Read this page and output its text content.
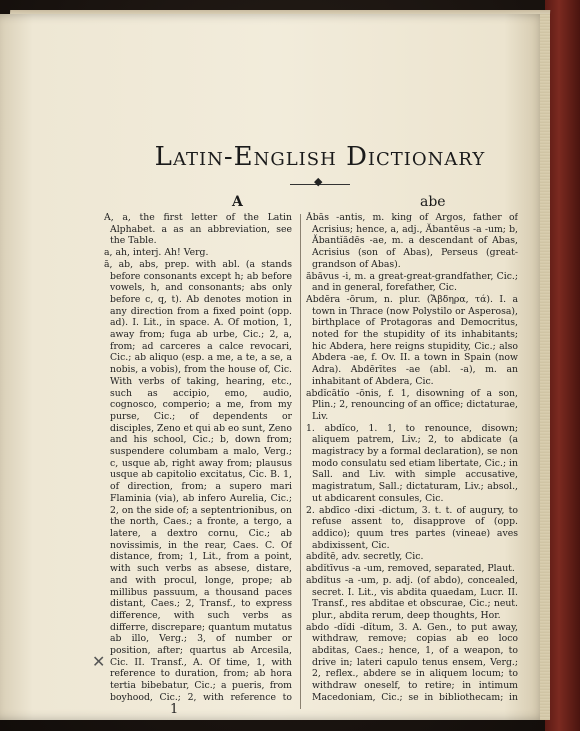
Latin-English Dictionary
◆
A	abe

A, a, the first letter of the Latin Alphabet. a as an abbreviation, see the Table.

a, ah, interj. Ah! Verg.

ā, ab, abs, prep. with abl. (a stands before consonants except h; ab before vowels, h, and consonants; abs only before c, q, t). Ab denotes motion in any direction from a fixed point (opp. ad). I. Lit., in space. A. Of motion, 1, away from; fuga ab urbe, Cic.; 2, a, from; ad carceres a calce revocari, Cic.; ab aliquo (esp. a me, a te, a se, a nobis, a vobis), from the house of, Cic. With verbs of taking, hearing, etc., such as accipio, emo, audio, cognosco, comperio; a me, from my purse, Cic.; of dependents or disciples, Zeno et qui ab eo sunt, Zeno and his school, Cic.; b, down from; suspendere columbam a malo, Verg.; c, usque ab, right away from; plausus usque ab capitolio excitatus, Cic. B. 1, of direction, from; a supero mari Flaminia (via), ab infero Aurelia, Cic.; 2, on the side of; a septentrionibus, on the north, Caes.; a fronte, a tergo, a latere, a dextro cornu, Cic.; ab novissimis, in the rear, Caes. C. Of distance, from; 1, Lit., from a point, with such verbs as absese, distare, and with procul, longe, prope; ab millibus passuum, a thousand paces distant, Caes.; 2, Transf., to express difference, with such verbs as differre, discrepare; quantum mutatus ab illo, Verg.; 3, of number or position, after; quartus ab Arcesila, Cic. II. Transf., A. Of time, 1, with reference to duration, from; ab hora tertia bibebatur, Cic.; a pueris, from boyhood, Cic.; 2, with reference to

Ăbās -antis, m. king of Argos, father of Acrisius; hence, a, adj., Ăbantēus -a -um; b, Ăbantĭădēs -ae, m. a descendant of Abas, Acrisius (son of Abas), Perseus (great-grandson of Abas).

ăbăvus -i, m. a great-great-grandfather, Cic.; and in general, forefather, Cic.

Abdēra -ōrum, n. plur. (Ἄβδηρα, τά). I. a town in Thrace (now Polystilo or Asperosa), birthplace of Protagoras and Democritus, noted for the stupidity of its inhabitants; hic Abdera, here reigns stupidity, Cic.; also Abdera -ae, f. Ov. II. a town in Spain (now Adra). Abdērītes -ae (abl. -a), m. an inhabitant of Abdera, Cic.

abdĭcātĭo -ōnis, f. 1, disowning of a son, Plin.; 2, renouncing of an office; dictaturae, Liv.

1. abdĭco, 1. 1, to renounce, disown; aliquem patrem, Liv.; 2, to abdicate (a magistracy by a formal declaration), se non modo consulatu sed etiam libertate, Cic.; in Sall. and Liv. with simple accusative, magistratum, Sall.; dictaturam, Liv.; absol., ut abdicarent consules, Cic.

2. abdīco -dixi -dictum, 3. t. t. of augury, to refuse assent to, disapprove of (opp. addico); quum tres partes (vineae) aves abdixissent, Cic.

abdĭtē, adv. secretly, Cic.

abdĭtīvus -a -um, removed, separated, Plaut.

abdĭtus -a -um, p. adj. (of abdo), concealed, secret. I. Lit., vis abdita quaedam, Lucr. II. Transf., res abditae et obscurae, Cic.; neut. plur., abdita rerum, deep thoughts, Hor.

abdo -dĭdi -dĭtum, 3. A. Gen., to put away, withdraw, remove; copias ab eo loco abditas, Caes.; hence, 1, of a weapon, to drive in; lateri capulo tenus ensem, Verg.; 2, reflex., abdere se in aliquem locum; to withdraw oneself, to retire; in intimum Macedoniam, Cic.; se in bibliothecam; in

✕
1
